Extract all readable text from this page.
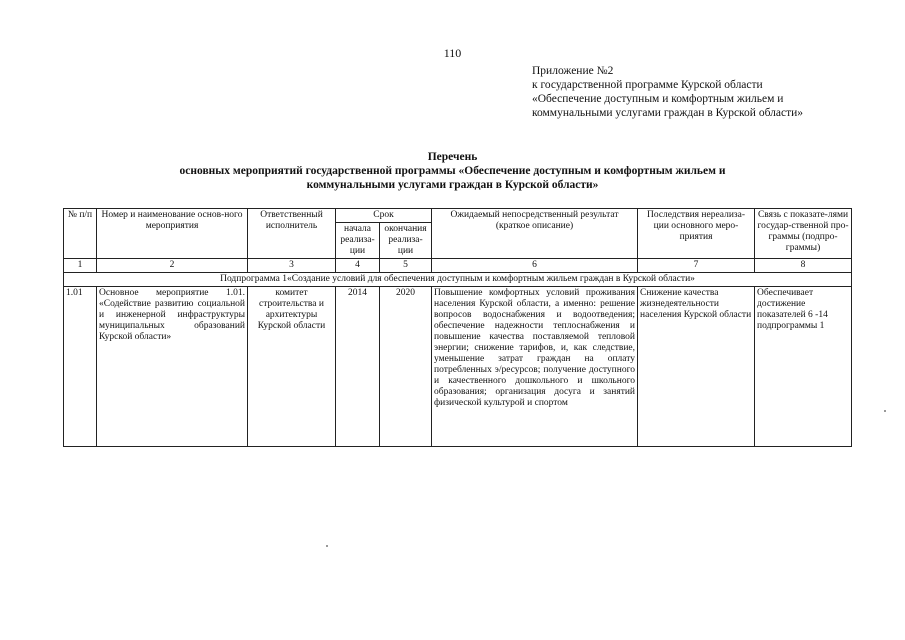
110
Приложение №2
к государственной программе Курской области
«Обеспечение доступным и комфортным жильем и
коммунальными услугами граждан в Курской области»
Перечень
основных мероприятий государственной программы «Обеспечение доступным и комфортным жильем и
коммунальными услугами граждан в Курской области»
№ п/п	Номер и наименование основ-ного мероприятия	Ответственный исполнитель	Срок		Ожидаемый непосредственный результат (краткое описание)	Последствия нереализа-ции основного меро-приятия	Связь с показате-лями государ-ственной про-граммы (подпро-граммы)
			начала реализа-ции	окончания реализа-ции			
1	2	3	4	5	6	7	8
Подпрограмма 1«Создание условий для обеспечения доступным и комфортным жильем граждан в Курской области»							
1.01	Основное мероприятие 1.01. «Содействие развитию социальной и инженерной инфраструктуры муниципальных образований Курской области»	комитет строительства и архитектуры Курской области	2014	2020	Повышение комфортных условий проживания населения Курской области, а именно: решение вопросов водоснабжения и водоотведения; обеспечение надежности теплоснабжения и повышение качества поставляемой тепловой энергии; снижение тарифов, и, как следствие, уменьшение затрат граждан на оплату потребленных э/ресурсов; получение доступного и качественного дошкольного и школьного образования; организация досуга и занятий физической культурой и спортом	Снижение качества жизнедеятельности населения Курской области	Обеспечивает достижение показателей 6 -14 подпрограммы 1
